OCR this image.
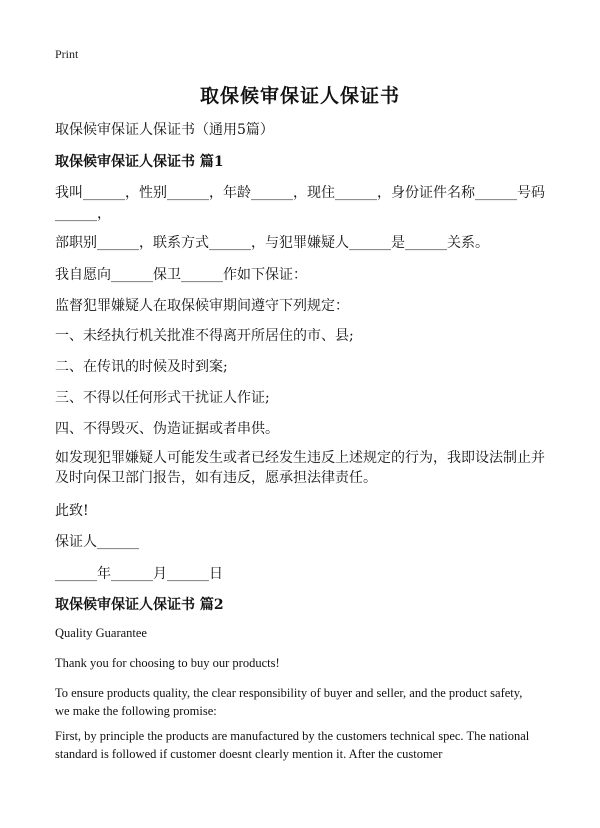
Print
取保候审保证人保证书
取保候审保证人保证书（通用5篇）
取保候审保证人保证书 篇1
我叫______，性别______，年龄______，现住______，身份证件名称______号码
______，
部职别______，联系方式______，与犯罪嫌疑人______是______关系。
我自愿向______保卫______作如下保证：
监督犯罪嫌疑人在取保候审期间遵守下列规定：
一、未经执行机关批准不得离开所居住的市、县;
二、在传讯的时候及时到案;
三、不得以任何形式干扰证人作证;
四、不得毁灭、伪造证据或者串供。
如发现犯罪嫌疑人可能发生或者已经发生违反上述规定的行为，我即设法制止并及时向保卫部门报告，如有违反，愿承担法律责任。
此致!
保证人______
______年______月______日
取保候审保证人保证书 篇2
Quality Guarantee
Thank you for choosing to buy our products!
To ensure products quality, the clear responsibility of buyer and seller, and the product safety, we make the following promise:
First, by principle the products are manufactured by the customers technical spec. The national standard is followed if customer doesnt clearly mention it. After the customer
